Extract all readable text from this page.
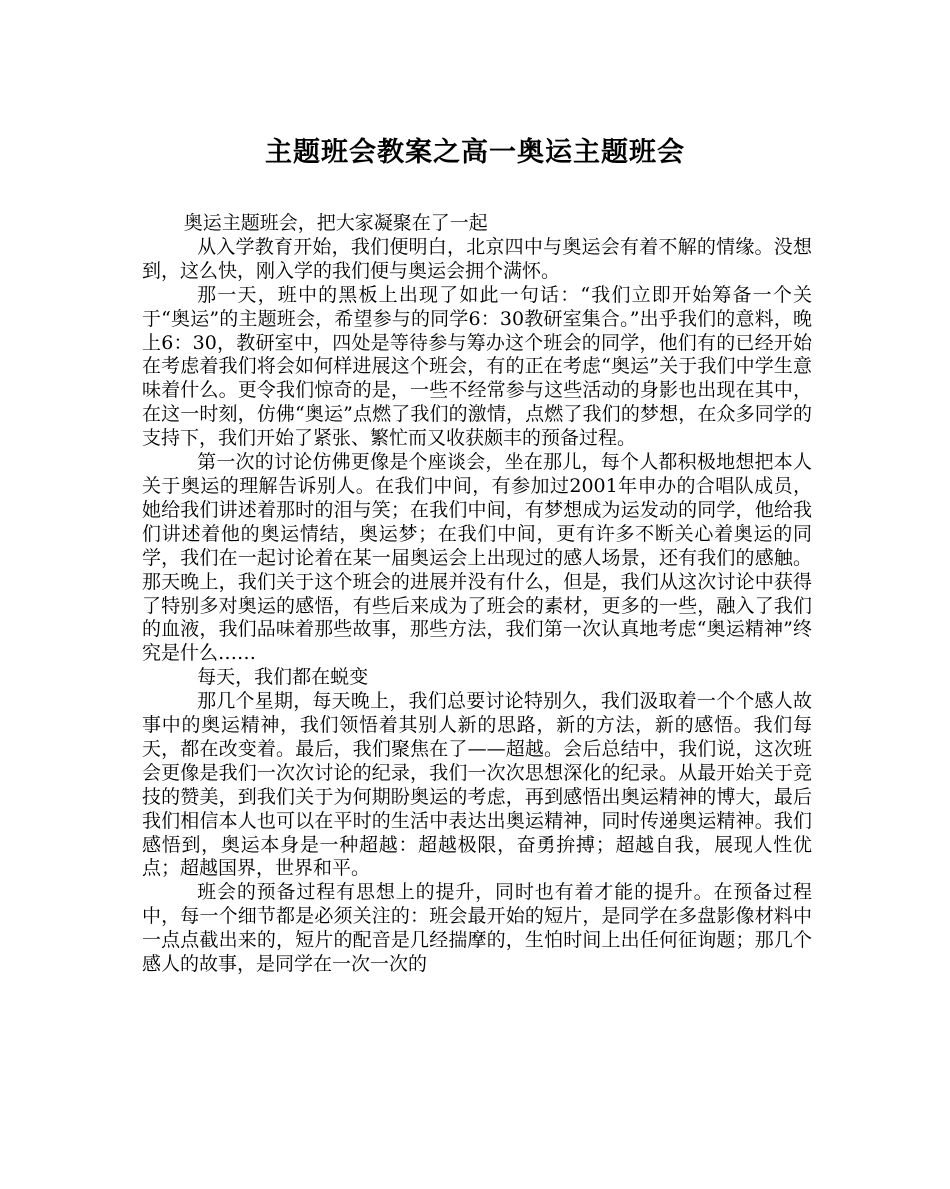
主题班会教案之高一奥运主题班会

奥运主题班会，把大家凝聚在了一起

从入学教育开始，我们便明白，北京四中与奥运会有着不解的情缘。没想到，这么快，刚入学的我们便与奥运会拥个满怀。

那一天，班中的黑板上出现了如此一句话：“我们立即开始筹备一个关于“奥运”的主题班会，希望参与的同学6：30教研室集合。”出乎我们的意料，晚上6：30，教研室中，四处是等待参与筹办这个班会的同学，他们有的已经开始在考虑着我们将会如何样进展这个班会，有的正在考虑“奥运”关于我们中学生意味着什么。更令我们惊奇的是，一些不经常参与这些活动的身影也出现在其中，在这一时刻，仿佛“奥运”点燃了我们的激情，点燃了我们的梦想，在众多同学的支持下，我们开始了紧张、繁忙而又收获颇丰的预备过程。

第一次的讨论仿佛更像是个座谈会，坐在那儿，每个人都积极地想把本人关于奥运的理解告诉别人。在我们中间，有参加过2001年申办的合唱队成员，她给我们讲述着那时的泪与笑；在我们中间，有梦想成为运发动的同学，他给我们讲述着他的奥运情结，奥运梦；在我们中间，更有许多不断关心着奥运的同学，我们在一起讨论着在某一届奥运会上出现过的感人场景，还有我们的感触。那天晚上，我们关于这个班会的进展并没有什么，但是，我们从这次讨论中获得了特别多对奥运的感悟，有些后来成为了班会的素材，更多的一些，融入了我们的血液，我们品味着那些故事，那些方法，我们第一次认真地考虑“奥运精神”终究是什么……

每天，我们都在蜕变

那几个星期，每天晚上，我们总要讨论特别久，我们汲取着一个个感人故事中的奥运精神，我们领悟着其别人新的思路，新的方法，新的感悟。我们每天，都在改变着。最后，我们聚焦在了——超越。会后总结中，我们说，这次班会更像是我们一次次讨论的纪录，我们一次次思想深化的纪录。从最开始关于竞技的赞美，到我们关于为何期盼奥运的考虑，再到感悟出奥运精神的博大，最后我们相信本人也可以在平时的生活中表达出奥运精神，同时传递奥运精神。我们感悟到，奥运本身是一种超越：超越极限，奋勇拚搏；超越自我，展现人性优点；超越国界，世界和平。

班会的预备过程有思想上的提升，同时也有着才能的提升。在预备过程中，每一个细节都是必须关注的：班会最开始的短片，是同学在多盘影像材料中一点点截出来的，短片的配音是几经揣摩的，生怕时间上出任何征询题；那几个感人的故事，是同学在一次一次的
